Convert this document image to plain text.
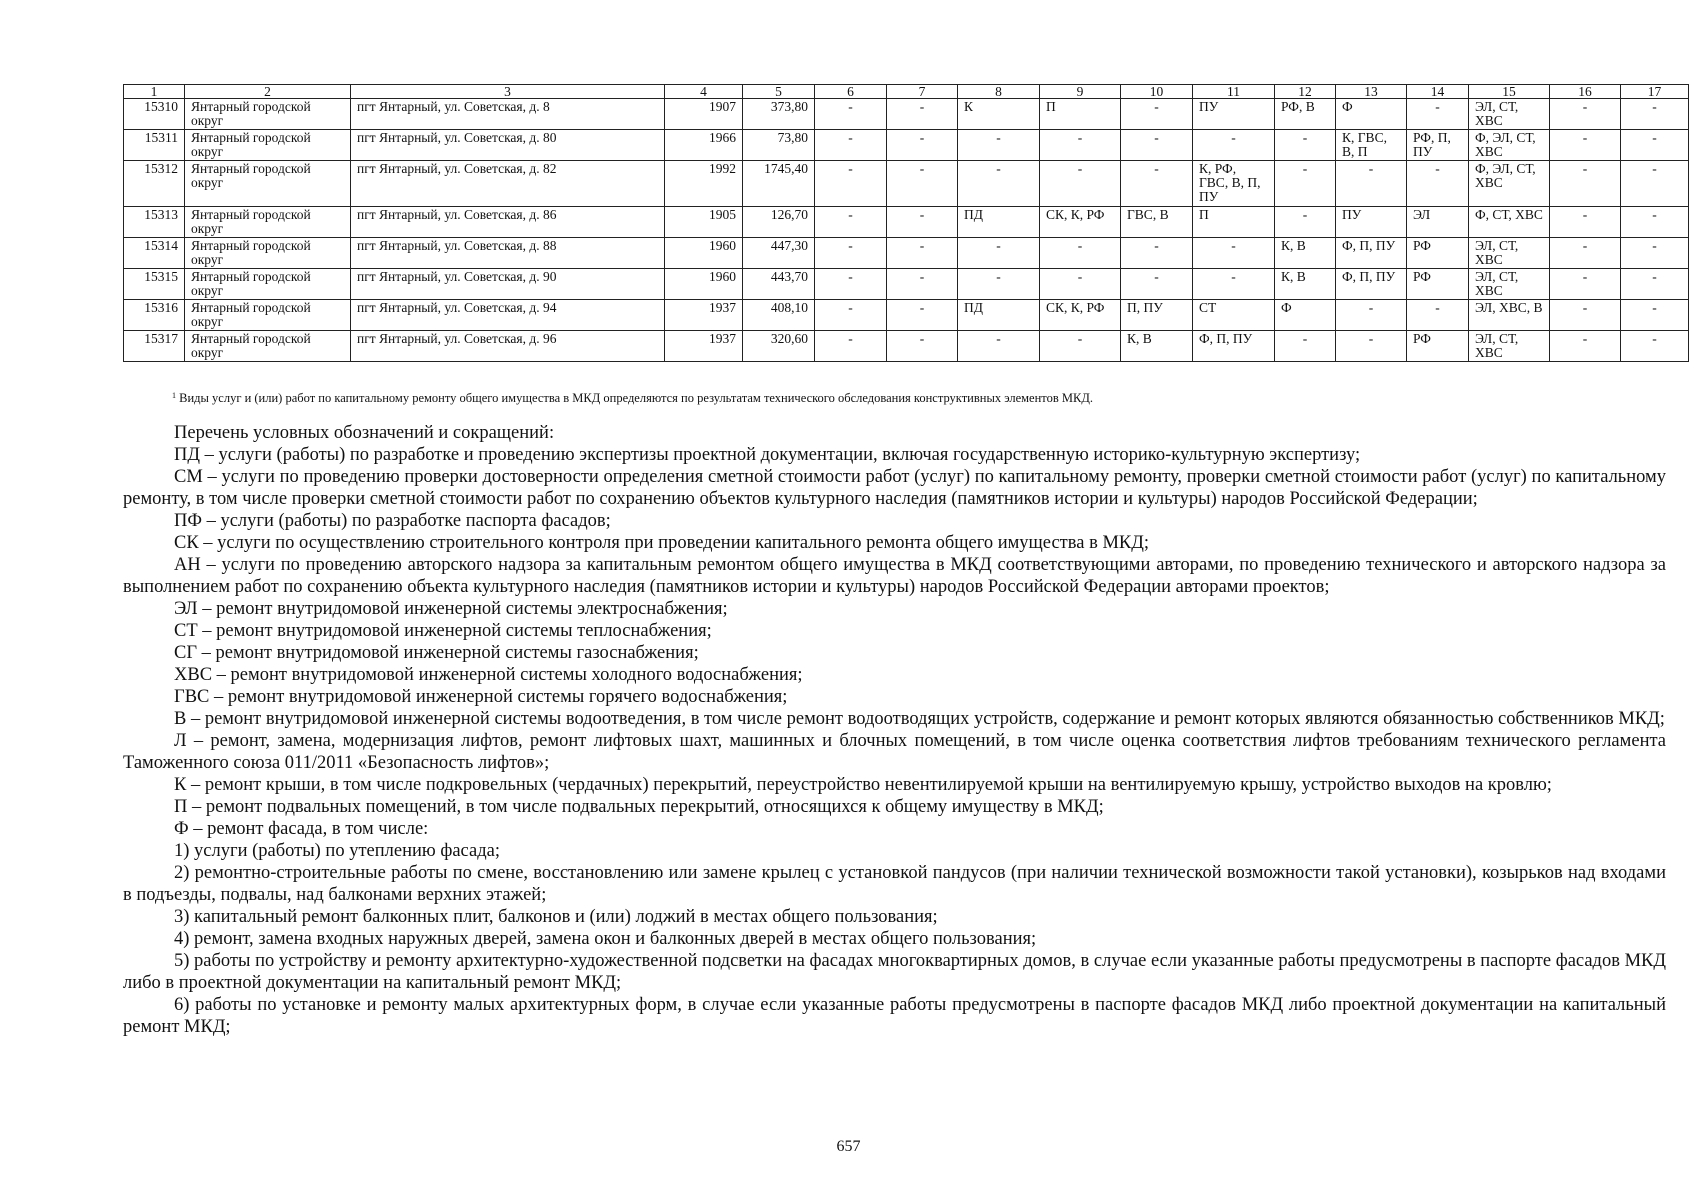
1	2	3	4	5	6	7	8	9	10	11	12	13	14	15	16	17
15310	Янтарный городской округ	пгт Янтарный, ул. Советская, д. 8	1907	373,80	-	-	К	П	-	ПУ	РФ, В	Ф	-	ЭЛ, СТ, ХВС	-	-
15311	Янтарный городской округ	пгт Янтарный, ул. Советская, д. 80	1966	73,80	-	-	-	-	-	-	-	К, ГВС, В, П	РФ, П, ПУ	Ф, ЭЛ, СТ, ХВС	-	-
15312	Янтарный городской округ	пгт Янтарный, ул. Советская, д. 82	1992	1745,40	-	-	-	-	-	К, РФ, ГВС, В, П, ПУ	-	-	-	Ф, ЭЛ, СТ, ХВС	-	-
15313	Янтарный городской округ	пгт Янтарный, ул. Советская, д. 86	1905	126,70	-	-	ПД	СК, К, РФ	ГВС, В	П	-	ПУ	ЭЛ	Ф, СТ, ХВС	-	-
15314	Янтарный городской округ	пгт Янтарный, ул. Советская, д. 88	1960	447,30	-	-	-	-	-	-	К, В	Ф, П, ПУ	РФ	ЭЛ, СТ, ХВС	-	-
15315	Янтарный городской округ	пгт Янтарный, ул. Советская, д. 90	1960	443,70	-	-	-	-	-	-	К, В	Ф, П, ПУ	РФ	ЭЛ, СТ, ХВС	-	-
15316	Янтарный городской округ	пгт Янтарный, ул. Советская, д. 94	1937	408,10	-	-	ПД	СК, К, РФ	П, ПУ	СТ	Ф	-	-	ЭЛ, ХВС, В	-	-
15317	Янтарный городской округ	пгт Янтарный, ул. Советская, д. 96	1937	320,60	-	-	-	-	К, В	Ф, П, ПУ	-	-	РФ	ЭЛ, СТ, ХВС	-	-
$^1$ Виды услуг и (или) работ по капитальному ремонту общего имущества в МКД определяются по результатам технического обследования конструктивных элементов МКД.

Перечень условных обозначений и сокращений:

ПД – услуги (работы) по разработке и проведению экспертизы проектной документации, включая государственную историко-культурную экспертизу;

СМ – услуги по проведению проверки достоверности определения сметной стоимости работ (услуг) по капитальному ремонту, проверки сметной стоимости работ (услуг) по капитальному ремонту, в том числе проверки сметной стоимости работ по сохранению объектов культурного наследия (памятников истории и культуры) народов Российской Федерации;

ПФ – услуги (работы) по разработке паспорта фасадов;

СК – услуги по осуществлению строительного контроля при проведении капитального ремонта общего имущества в МКД;

АН – услуги по проведению авторского надзора за капитальным ремонтом общего имущества в МКД соответствующими авторами, по проведению технического и авторского надзора за выполнением работ по сохранению объекта культурного наследия (памятников истории и культуры) народов Российской Федерации авторами проектов;

ЭЛ – ремонт внутридомовой инженерной системы электроснабжения;

СТ – ремонт внутридомовой инженерной системы теплоснабжения;

СГ – ремонт внутридомовой инженерной системы газоснабжения;

ХВС – ремонт внутридомовой инженерной системы холодного водоснабжения;

ГВС – ремонт внутридомовой инженерной системы горячего водоснабжения;

В – ремонт внутридомовой инженерной системы водоотведения, в том числе ремонт водоотводящих устройств, содержание и ремонт которых являются обязанностью собственников МКД;

Л – ремонт, замена, модернизация лифтов, ремонт лифтовых шахт, машинных и блочных помещений, в том числе оценка соответствия лифтов требованиям технического регламента Таможенного союза 011/2011 «Безопасность лифтов»;

К – ремонт крыши, в том числе подкровельных (чердачных) перекрытий, переустройство невентилируемой крыши на вентилируемую крышу, устройство выходов на кровлю;

П – ремонт подвальных помещений, в том числе подвальных перекрытий, относящихся к общему имуществу в МКД;

Ф – ремонт фасада, в том числе:

1) услуги (работы) по утеплению фасада;

2) ремонтно-строительные работы по смене, восстановлению или замене крылец с установкой пандусов (при наличии технической возможности такой установки), козырьков над входами в подъезды, подвалы, над балконами верхних этажей;

3) капитальный ремонт балконных плит, балконов и (или) лоджий в местах общего пользования;

4) ремонт, замена входных наружных дверей, замена окон и балконных дверей в местах общего пользования;

5) работы по устройству и ремонту архитектурно-художественной подсветки на фасадах многоквартирных домов, в случае если указанные работы предусмотрены в паспорте фасадов МКД либо в проектной документации на капитальный ремонт МКД;

6) работы по установке и ремонту малых архитектурных форм, в случае если указанные работы предусмотрены в паспорте фасадов МКД либо проектной документации на капитальный ремонт МКД;

657
